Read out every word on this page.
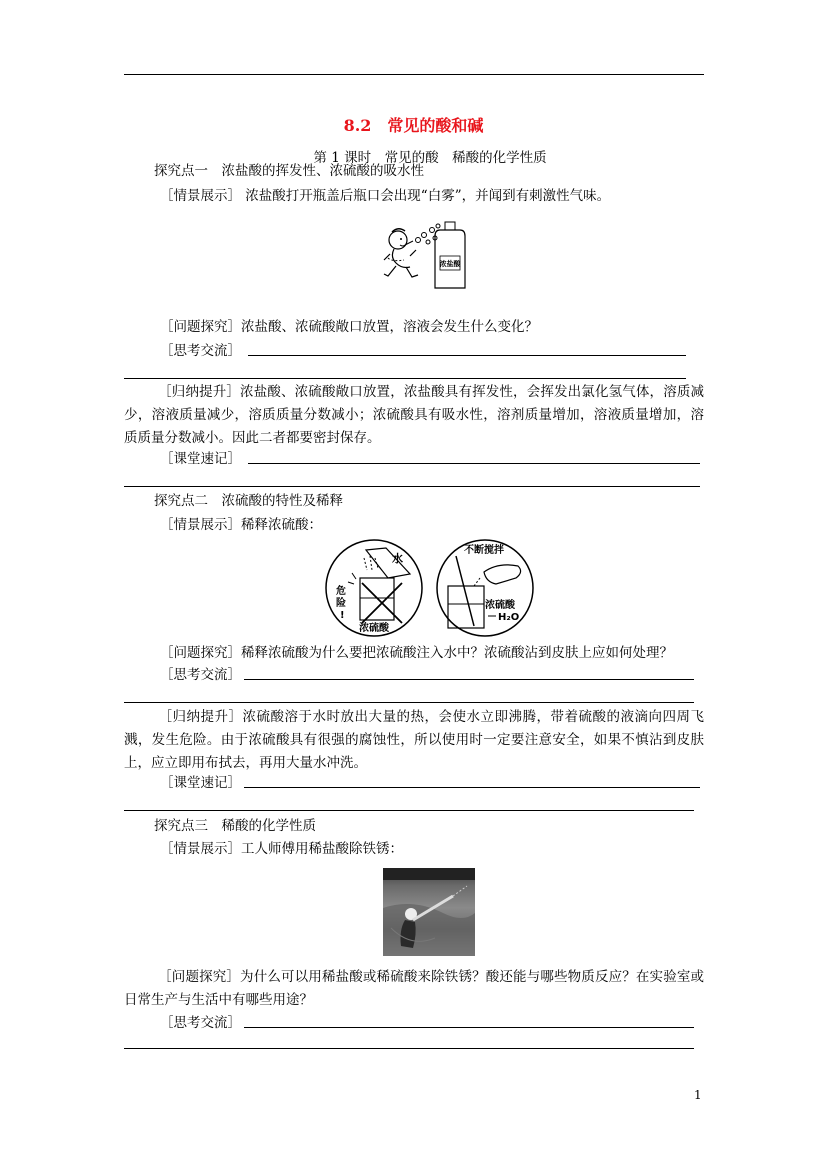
8.2　常见的酸和碱
第 1 课时　常见的酸　稀酸的化学性质
探究点一　浓盐酸的挥发性、浓硫酸的吸水性
［情景展示］ 浓盐酸打开瓶盖后瓶口会出现“白雾”，并闻到有刺激性气味。
浓盐酸
［问题探究］浓盐酸、浓硫酸敞口放置，溶液会发生什么变化？
［思考交流］
［归纳提升］浓盐酸、浓硫酸敞口放置，浓盐酸具有挥发性，会挥发出氯化氢气体，溶质减少，溶液质量减少，溶质质量分数减小；浓硫酸具有吸水性，溶剂质量增加，溶液质量增加，溶质质量分数减小。因此二者都要密封保存。
［课堂速记］
探究点二　浓硫酸的特性及稀释
［情景展示］稀释浓硫酸：
水
危险!
浓硫酸
不断搅拌
浓硫酸
H₂O
［问题探究］稀释浓硫酸为什么要把浓硫酸注入水中？浓硫酸沾到皮肤上应如何处理？
［思考交流］
［归纳提升］浓硫酸溶于水时放出大量的热，会使水立即沸腾，带着硫酸的液滴向四周飞溅，发生危险。由于浓硫酸具有很强的腐蚀性，所以使用时一定要注意安全，如果不慎沾到皮肤上，应立即用布拭去，再用大量水冲洗。
［课堂速记］
探究点三　稀酸的化学性质
［情景展示］工人师傅用稀盐酸除铁锈：
［问题探究］为什么可以用稀盐酸或稀硫酸来除铁锈？酸还能与哪些物质反应？在实验室或日常生产与生活中有哪些用途？
［思考交流］
1
